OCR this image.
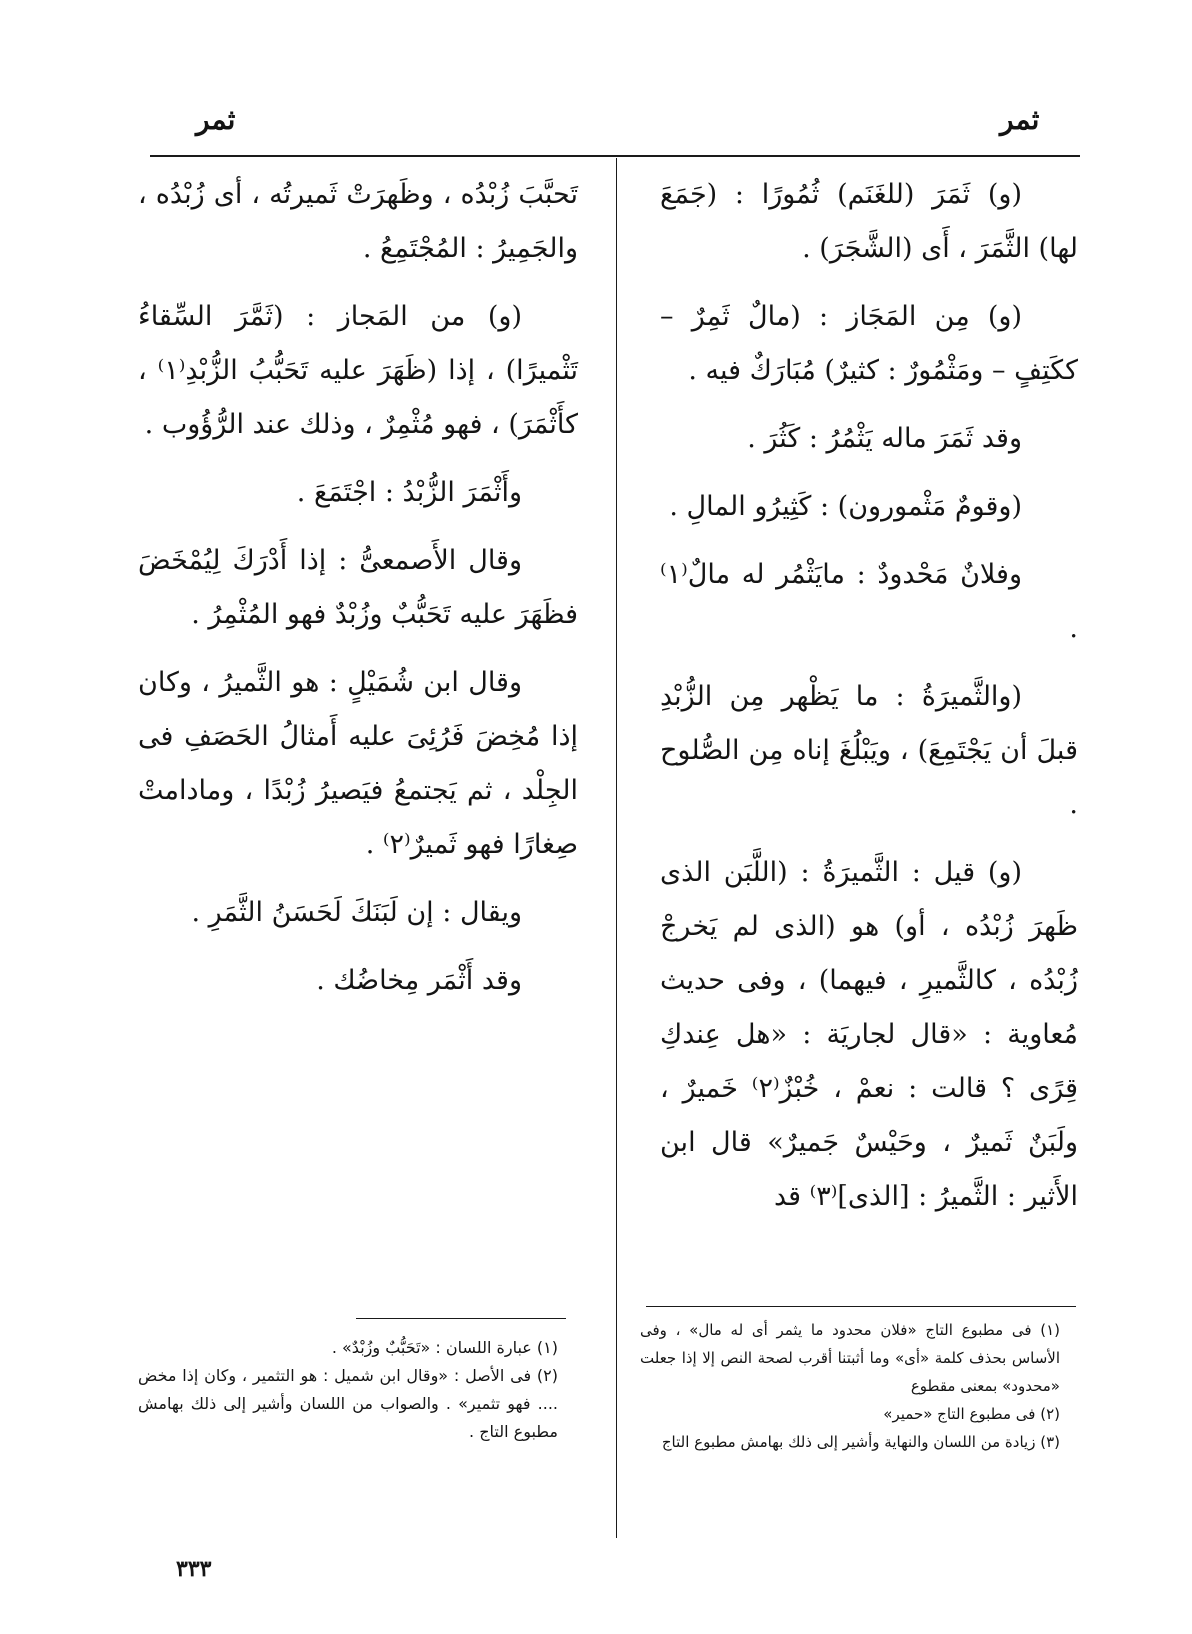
ثمر
ثمر

(و) ثَمَرَ (للغَنَم) ثُمُورًا : (جَمَعَ لها) الثَّمَرَ ، أَى (الشَّجَرَ) .

(و) مِن المَجَاز : (مالٌ ثَمِرٌ – ككَتِفٍ – ومَثْمُورٌ : كثيرٌ) مُبَارَكٌ فيه .

وقد ثَمَرَ ماله يَثْمُرُ : كَثُرَ .

(وقومٌ مَثْمورون) : كَثِيرُو المالِ .

وفلانٌ مَحْدودٌ : مايَثْمُر له مالٌ⁽١⁾ .

(والثَّميرَةُ : ما يَظْهر مِن الزُّبْدِ قبلَ أن يَجْتَمِعَ) ، ويَبْلُغَ إناه مِن الصُّلوح .

(و) قيل : الثَّميرَةُ : (اللَّبَن الذى ظَهرَ زُبْدُه ، أو) هو (الذى لم يَخرجْ زُبْدُه ، كالثَّميرِ ، فيهما) ، وفى حديث مُعاوية : «قال لجاريَة : «هل عِندكِ قِرًى ؟ قالت : نعمْ ، خُبْزٌ⁽٢⁾ خَميرٌ ، ولَبَنٌ ثَميرٌ ، وحَيْسٌ جَميرٌ» قال ابن الأَثير : الثَّميرُ : [الذى]⁽٣⁾ قد

تَحبَّبَ زُبْدُه ، وظَهرَتْ ثَميرتُه ، أى زُبْدُه ، والجَمِيرُ : المُجْتَمِعُ .

(و) من المَجاز : (ثَمَّرَ السِّقاءُ تَثْميرًا) ، إذا (ظَهَرَ عليه تَحَبُّبُ الزُّبْدِ⁽١⁾ ، كأَثْمَرَ) ، فهو مُثْمِرٌ ، وذلك عند الرُّؤُوب .

وأَثْمَرَ الزُّبْدُ : اجْتَمَعَ .

وقال الأَصمعىُّ : إذا أَدْرَكَ لِيُمْخَضَ فظَهَرَ عليه تَحَبُّبٌ وزُبْدٌ فهو المُثْمِرُ .

وقال ابن شُمَيْلٍ : هو الثَّميرُ ، وكان إذا مُخِضَ فَرُئِىَ عليه أَمثالُ الحَصَفِ فى الجِلْد ، ثم يَجتمعُ فيَصيرُ زُبْدًا ، ومادامتْ صِغارًا فهو ثَميرٌ⁽٢⁾ .

ويقال : إن لَبَنَكَ لَحَسَنُ الثَّمَرِ .

وقد أَثْمَر مِخاضُك .

(١) فى مطبوع التاج «فلان محدود ما يثمر أى له مال» ، وفى الأساس بحذف كلمة «أى» وما أثبتنا أقرب لصحة النص إلا إذا جعلت «محدود» بمعنى مقطوع

(٢) فى مطبوع التاج «حمير»

(٣) زيادة من اللسان والنهاية وأشير إلى ذلك بهامش مطبوع التاج

(١) عبارة اللسان : «تَحَبُّبٌ وزُبْدٌ» .

(٢) فى الأصل : «وقال ابن شميل : هو التثمير ، وكان إذا مخض .... فهو تثمير» . والصواب من اللسان وأشير إلى ذلك بهامش مطبوع التاج .

٣٣٣
